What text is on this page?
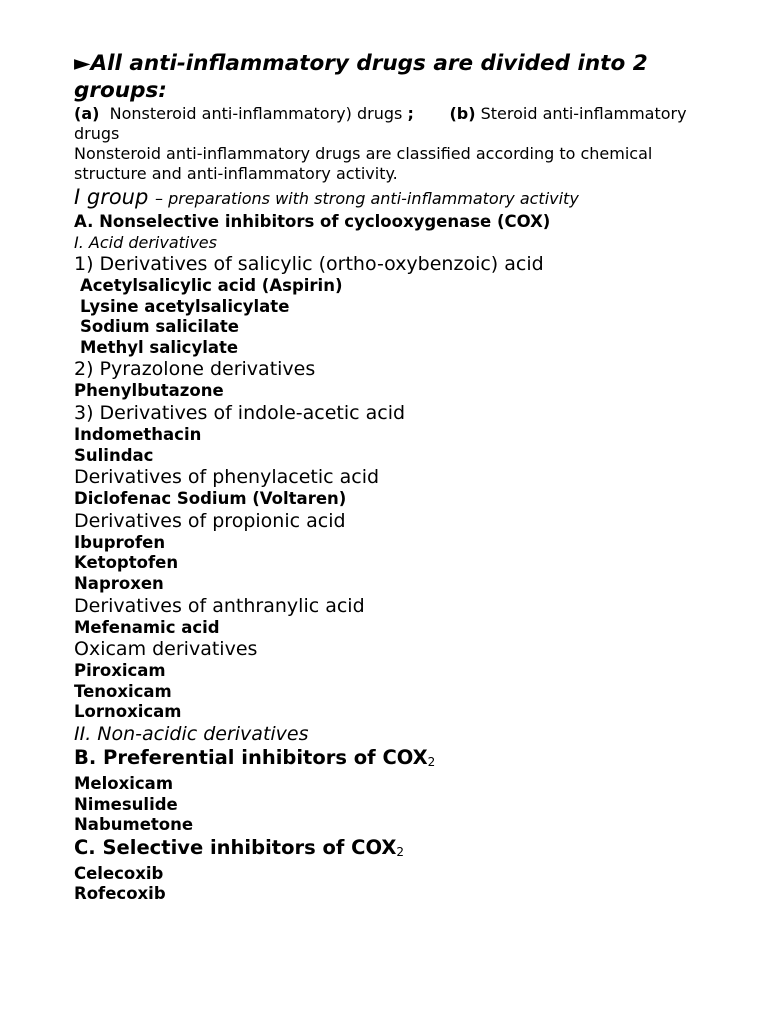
►All anti-inflammatory drugs are divided into 2 groups:

(a) Nonsteroid anti-inflammatory) drugs ; (b) Steroid anti-inflammatory drugs

Nonsteroid anti-inflammatory drugs are classified according to chemical structure and anti-inflammatory activity.

I group – preparations with strong anti-inflammatory activity

A. Nonselective inhibitors of cyclooxygenase (COX)

I. Acid derivatives

1) Derivatives of salicylic (ortho-oxybenzoic) acid

Acetylsalicylic acid (Aspirin)

Lysine acetylsalicylate

Sodium salicilate

Methyl salicylate

2) Pyrazolone derivatives

Phenylbutazone

3) Derivatives of indole-acetic acid

Indomethacin

Sulindac

Derivatives of phenylacetic acid

Diclofenac Sodium (Voltaren)

Derivatives of propionic acid

Ibuprofen

Ketoptofen

Naproxen

Derivatives of anthranylic acid

Mefenamic acid

Oxicam derivatives

Piroxicam

Tenoxicam

Lornoxicam

II. Non-acidic derivatives

B. Preferential inhibitors of $COX_2$

Meloxicam

Nimesulide

Nabumetone

C. Selective inhibitors of $COX_2$

Celecoxib

Rofecoxib
